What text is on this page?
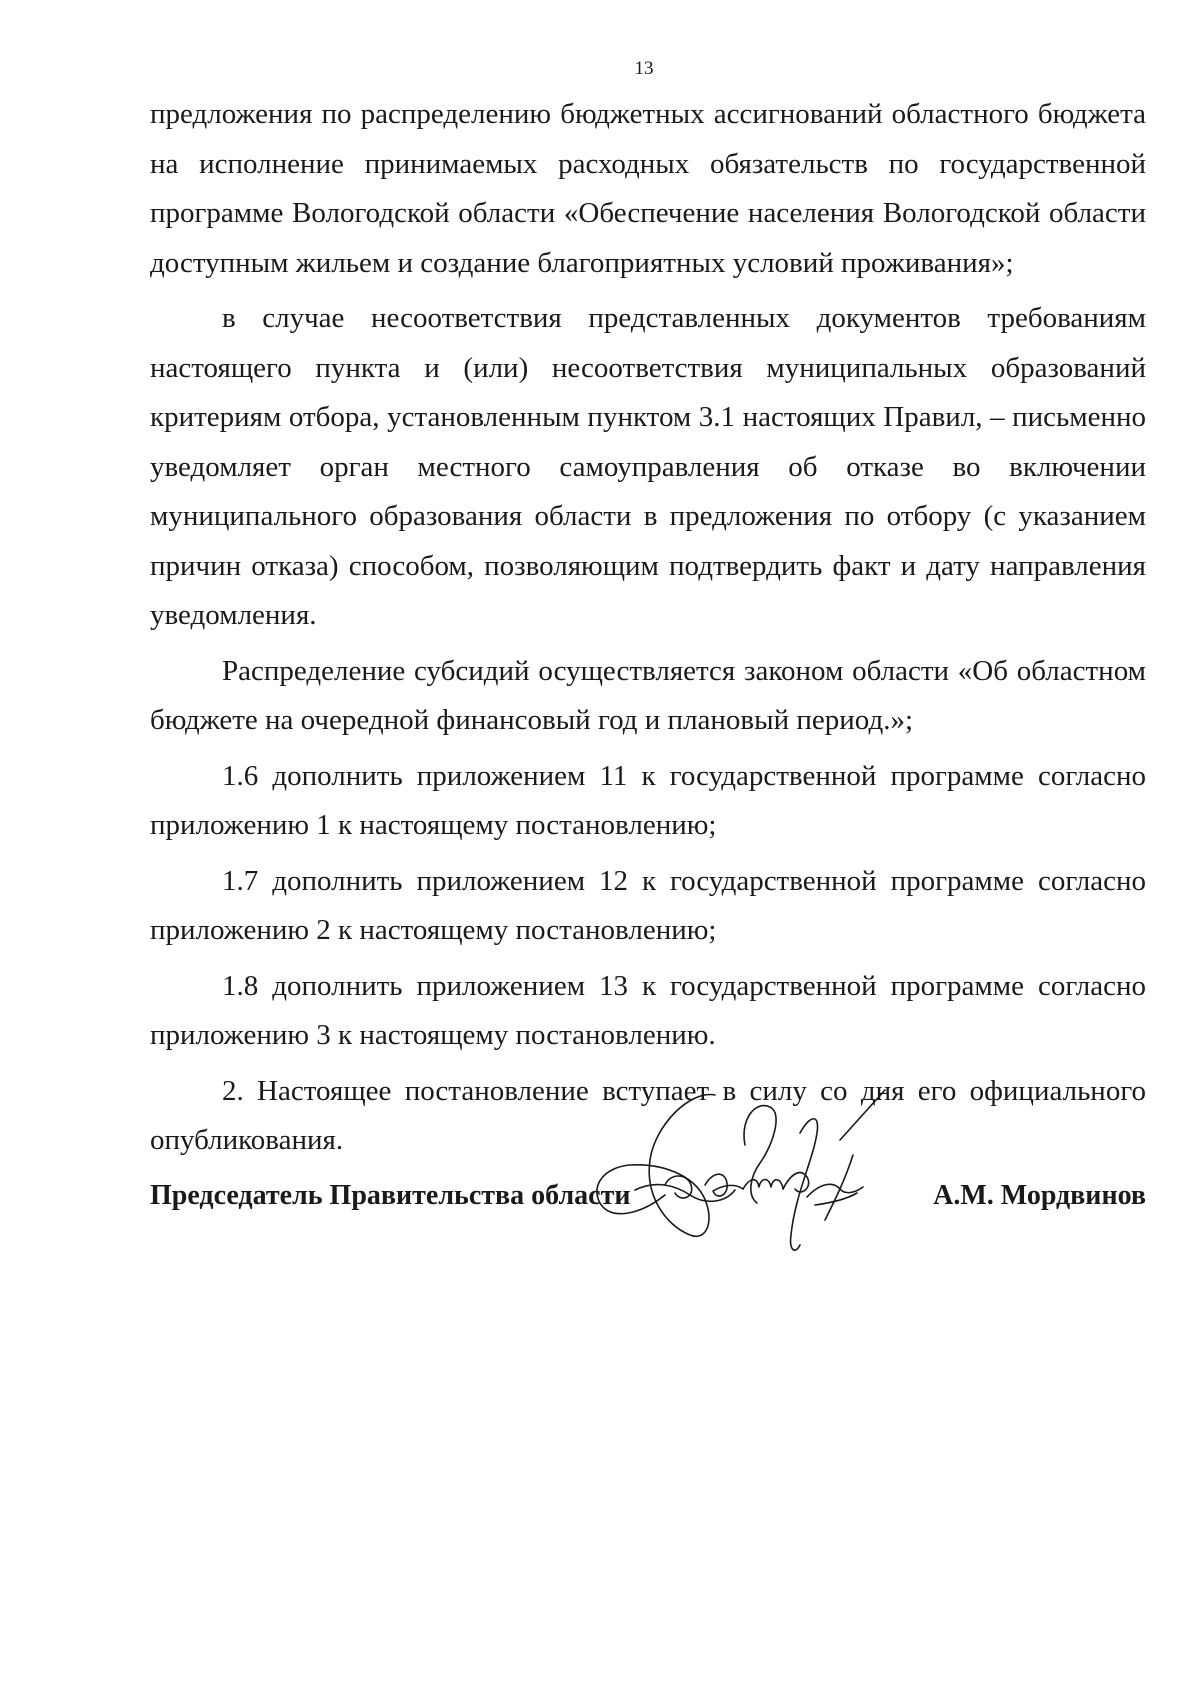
13

предложения по распределению бюджетных ассигнований областного бюджета на исполнение принимаемых расходных обязательств по государственной программе Вологодской области «Обеспечение населения Вологодской области доступным жильем и создание благоприятных условий проживания»;

в случае несоответствия представленных документов требованиям настоящего пункта и (или) несоответствия муниципальных образований критериям отбора, установленным пунктом 3.1 настоящих Правил, – письменно уведомляет орган местного самоуправления об отказе во включении муниципального образования области в предложения по отбору (с указанием причин отказа) способом, позволяющим подтвердить факт и дату направления уведомления.

Распределение субсидий осуществляется законом области «Об областном бюджете на очередной финансовый год и плановый период.»;

1.6 дополнить приложением 11 к государственной программе согласно приложению 1 к настоящему постановлению;

1.7 дополнить приложением 12 к государственной программе согласно приложению 2 к настоящему постановлению;

1.8 дополнить приложением 13 к государственной программе согласно приложению 3 к настоящему постановлению.

2. Настоящее постановление вступает в силу со дня его официального опубликования.

Председатель Правительства области	А.М. Мордвинов
